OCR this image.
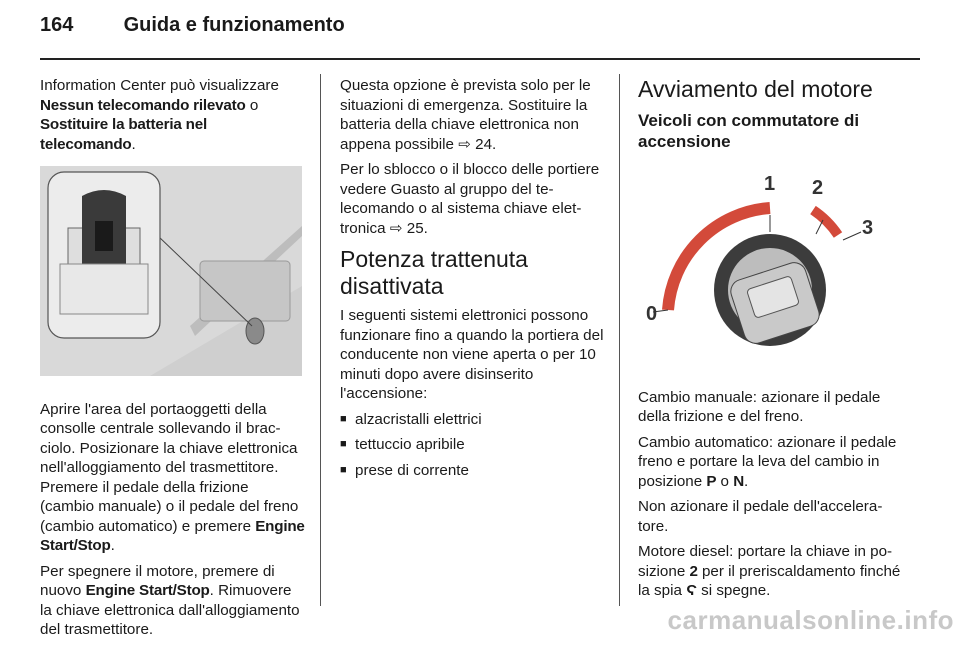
164	Guida e funzionamento

Information Center può visualizzare Nessun telecomando rilevato o Sostituire la batteria nel telecomando.

Aprire l'area del portaoggetti della consolle centrale sollevando il bracciolo. Posizionare la chiave elettronica nell'alloggiamento del trasmettitore. Premere il pedale della frizione (cambio manuale) o il pedale del freno (cambio automatico) e premere Engine Start/Stop.

Per spegnere il motore, premere di nuovo Engine Start/Stop. Rimuovere la chiave elettronica dall'alloggiamento del trasmettitore.

Questa opzione è prevista solo per le situazioni di emergenza. Sostituire la batteria della chiave elettronica non appena possibile ⇨ 24.

Per lo sblocco o il blocco delle portiere vedere Guasto al gruppo del telecomando o al sistema chiave elettronica ⇨ 25.

Potenza trattenuta disattivata

I seguenti sistemi elettronici possono funzionare fino a quando la portiera del conducente non viene aperta o per 10 minuti dopo avere disinserito l'accensione:

■ alzacristalli elettrici
■ tettuccio apribile
■ prese di corrente
Avviamento del motore
Veicoli con commutatore di accensione
0
1 2
3

Cambio manuale: azionare il pedale della frizione e del freno.

Cambio automatico: azionare il pedale freno e portare la leva del cambio in posizione P o N.

Non azionare il pedale dell'acceleratore.

Motore diesel: portare la chiave in posizione 2 per il preriscaldamento finché la spia Ϛ si spegne.

carmanualsonline.info
